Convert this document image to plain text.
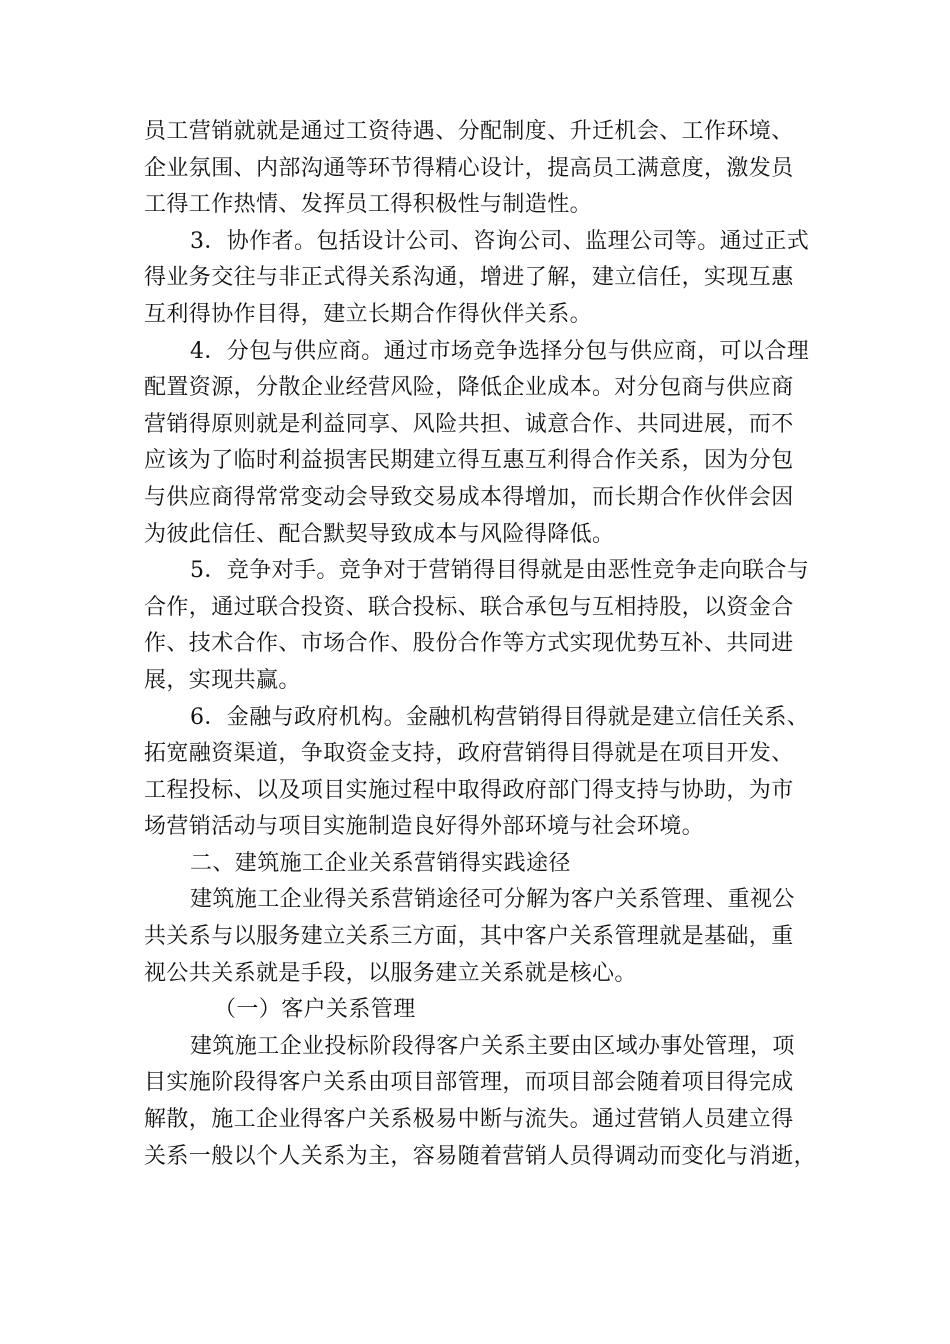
员工营销就就是通过工资待遇、分配制度、升迁机会、工作环境、
企业氛围、内部沟通等环节得精心设计，提高员工满意度，激发员
工得工作热情、发挥员工得积极性与制造性。
3．协作者。包括设计公司、咨询公司、监理公司等。通过正式
得业务交往与非正式得关系沟通，增进了解，建立信任，实现互惠
互利得协作目得，建立长期合作得伙伴关系。
4．分包与供应商。通过市场竞争选择分包与供应商，可以合理
配置资源，分散企业经营风险，降低企业成本。对分包商与供应商
营销得原则就是利益同享、风险共担、诚意合作、共同进展，而不
应该为了临时利益损害民期建立得互惠互利得合作关系，因为分包
与供应商得常常变动会导致交易成本得增加，而长期合作伙伴会因
为彼此信任、配合默契导致成本与风险得降低。
5．竞争对手。竞争对于营销得目得就是由恶性竞争走向联合与
合作，通过联合投资、联合投标、联合承包与互相持股，以资金合
作、技术合作、市场合作、股份合作等方式实现优势互补、共同进
展，实现共赢。
6．金融与政府机构。金融机构营销得目得就是建立信任关系、
拓宽融资渠道，争取资金支持，政府营销得目得就是在项目开发、
工程投标、以及项目实施过程中取得政府部门得支持与协助，为市
场营销活动与项目实施制造良好得外部环境与社会环境。
二、建筑施工企业关系营销得实践途径
建筑施工企业得关系营销途径可分解为客户关系管理、重视公
共关系与以服务建立关系三方面，其中客户关系管理就是基础，重
视公共关系就是手段，以服务建立关系就是核心。
（一）客户关系管理
建筑施工企业投标阶段得客户关系主要由区域办事处管理，项
目实施阶段得客户关系由项目部管理，而项目部会随着项目得完成
解散，施工企业得客户关系极易中断与流失。通过营销人员建立得
关系一般以个人关系为主，容易随着营销人员得调动而变化与消逝，
